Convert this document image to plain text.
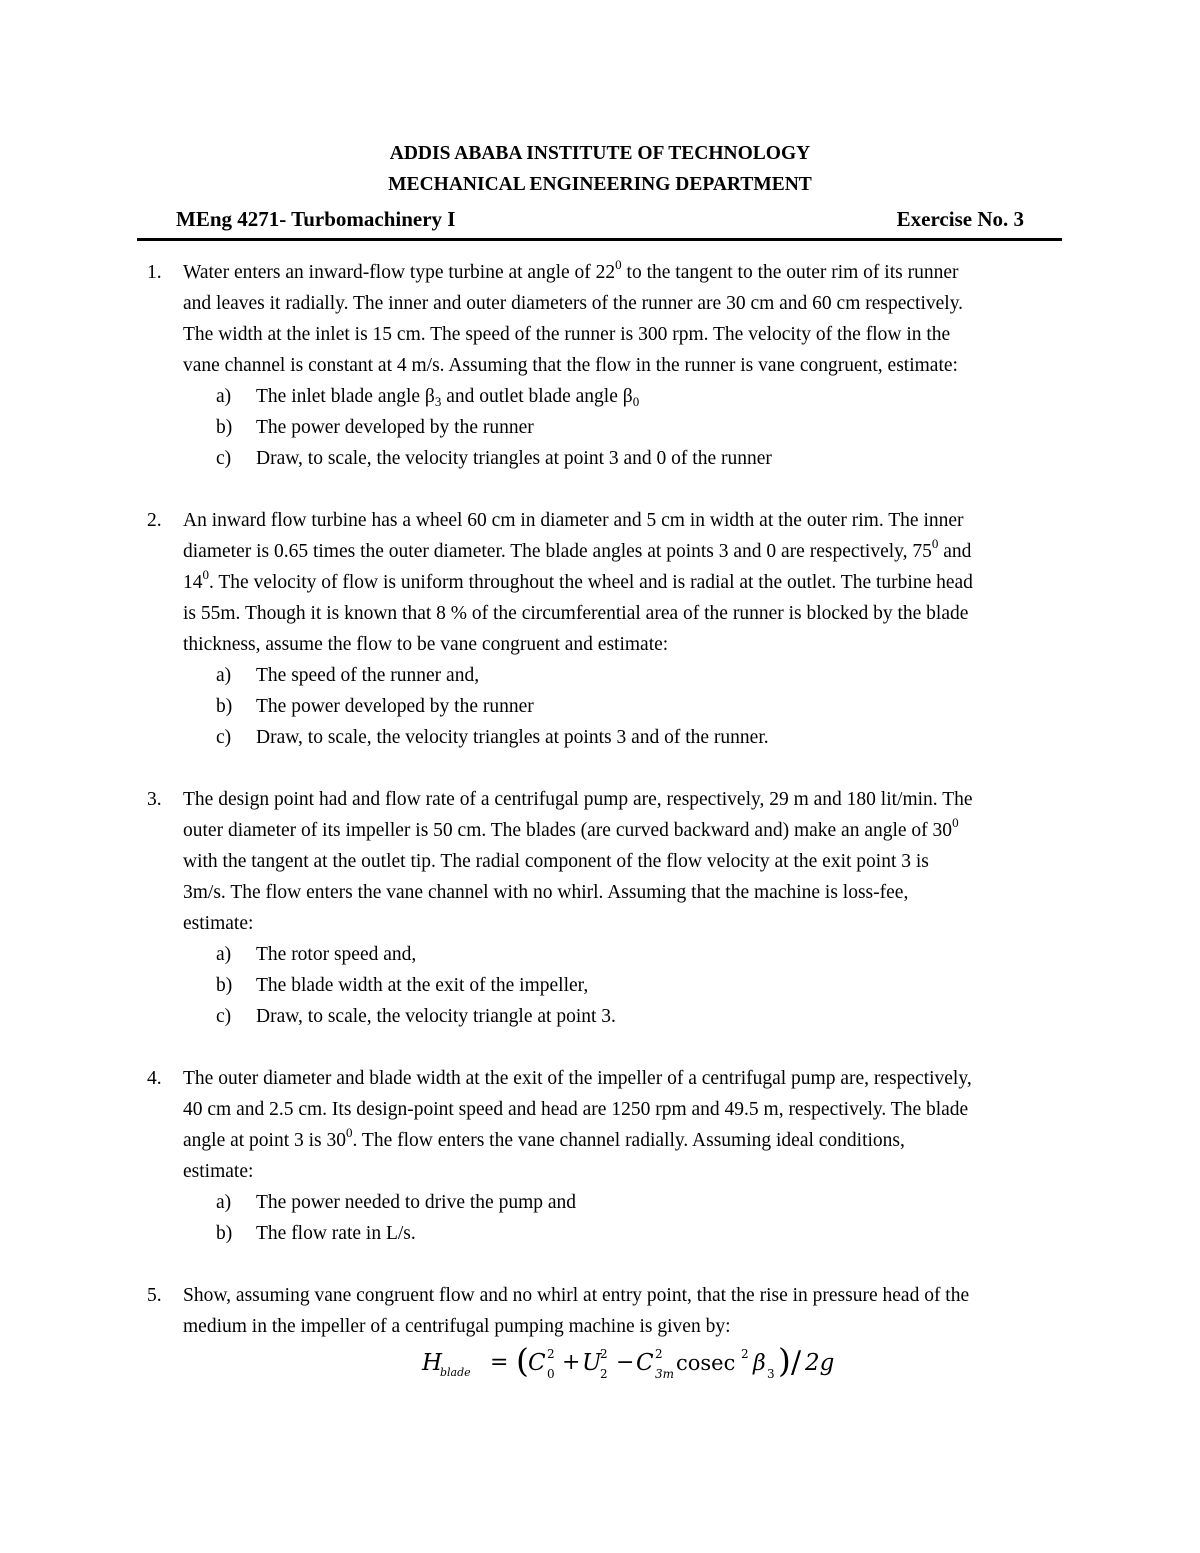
ADDIS ABABA INSTITUTE OF TECHNOLOGY
MECHANICAL ENGINEERING DEPARTMENT
MEng 4271- Turbomachinery I	Exercise No. 3
1. Water enters an inward-flow type turbine at angle of $22^0$ to the tangent to the outer rim of its runner
and leaves it radially. The inner and outer diameters of the runner are 30 cm and 60 cm respectively.
The width at the inlet is 15 cm. The speed of the runner is 300 rpm. The velocity of the flow in the
vane channel is constant at 4 m/s. Assuming that the flow in the runner is vane congruent, estimate:
a) The inlet blade angle $\beta_3$ and outlet blade angle $\beta_0$
b) The power developed by the runner
c) Draw, to scale, the velocity triangles at point 3 and 0 of the runner
2. An inward flow turbine has a wheel 60 cm in diameter and 5 cm in width at the outer rim. The inner
diameter is 0.65 times the outer diameter. The blade angles at points 3 and 0 are respectively, $75^0$ and
$14^0$. The velocity of flow is uniform throughout the wheel and is radial at the outlet. The turbine head
is 55m. Though it is known that 8 % of the circumferential area of the runner is blocked by the blade
thickness, assume the flow to be vane congruent and estimate:
a) The speed of the runner and,
b) The power developed by the runner
c) Draw, to scale, the velocity triangles at points 3 and of the runner.
3. The design point had and flow rate of a centrifugal pump are, respectively, 29 m and 180 lit/min. The
outer diameter of its impeller is 50 cm. The blades (are curved backward and) make an angle of $30^0$
with the tangent at the outlet tip. The radial component of the flow velocity at the exit point 3 is
3m/s. The flow enters the vane channel with no whirl. Assuming that the machine is loss-fee,
estimate:
a) The rotor speed and,
b) The blade width at the exit of the impeller,
c) Draw, to scale, the velocity triangle at point 3.
4. The outer diameter and blade width at the exit of the impeller of a centrifugal pump are, respectively,
40 cm and 2.5 cm. Its design-point speed and head are 1250 rpm and 49.5 m, respectively. The blade
angle at point 3 is $30^0$. The flow enters the vane channel radially. Assuming ideal conditions,
estimate:
a) The power needed to drive the pump and
b) The flow rate in L/s.
5. Show, assuming vane congruent flow and no whirl at entry point, that the rise in pressure head of the
medium in the impeller of a centrifugal pumping machine is given by:
H
blade = ( C 2
0 + U
2
2 − C 2
3m cosec 2 β 3 ) / 2g
